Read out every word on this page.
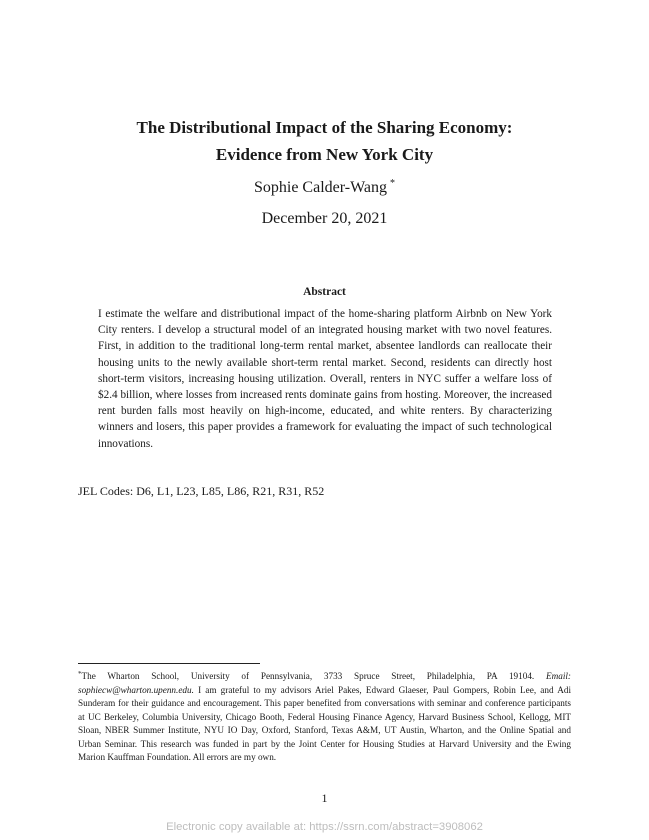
The Distributional Impact of the Sharing Economy:
Evidence from New York City
Sophie Calder-Wang *
December 20, 2021
Abstract
I estimate the welfare and distributional impact of the home-sharing platform Airbnb on New York City renters. I develop a structural model of an integrated housing market with two novel features. First, in addition to the traditional long-term rental market, absentee landlords can reallocate their housing units to the newly available short-term rental market. Second, residents can directly host short-term visitors, increasing housing utilization. Overall, renters in NYC suffer a welfare loss of $2.4 billion, where losses from increased rents dominate gains from hosting. Moreover, the increased rent burden falls most heavily on high-income, educated, and white renters. By characterizing winners and losers, this paper provides a framework for evaluating the impact of such technological innovations.
JEL Codes: D6, L1, L23, L85, L86, R21, R31, R52
*The Wharton School, University of Pennsylvania, 3733 Spruce Street, Philadelphia, PA 19104. Email: sophiecw@wharton.upenn.edu. I am grateful to my advisors Ariel Pakes, Edward Glaeser, Paul Gompers, Robin Lee, and Adi Sunderam for their guidance and encouragement. This paper benefited from conversations with seminar and conference participants at UC Berkeley, Columbia University, Chicago Booth, Federal Housing Finance Agency, Harvard Business School, Kellogg, MIT Sloan, NBER Summer Institute, NYU IO Day, Oxford, Stanford, Texas A&M, UT Austin, Wharton, and the Online Spatial and Urban Seminar. This research was funded in part by the Joint Center for Housing Studies at Harvard University and the Ewing Marion Kauffman Foundation. All errors are my own.
1
Electronic copy available at: https://ssrn.com/abstract=3908062
